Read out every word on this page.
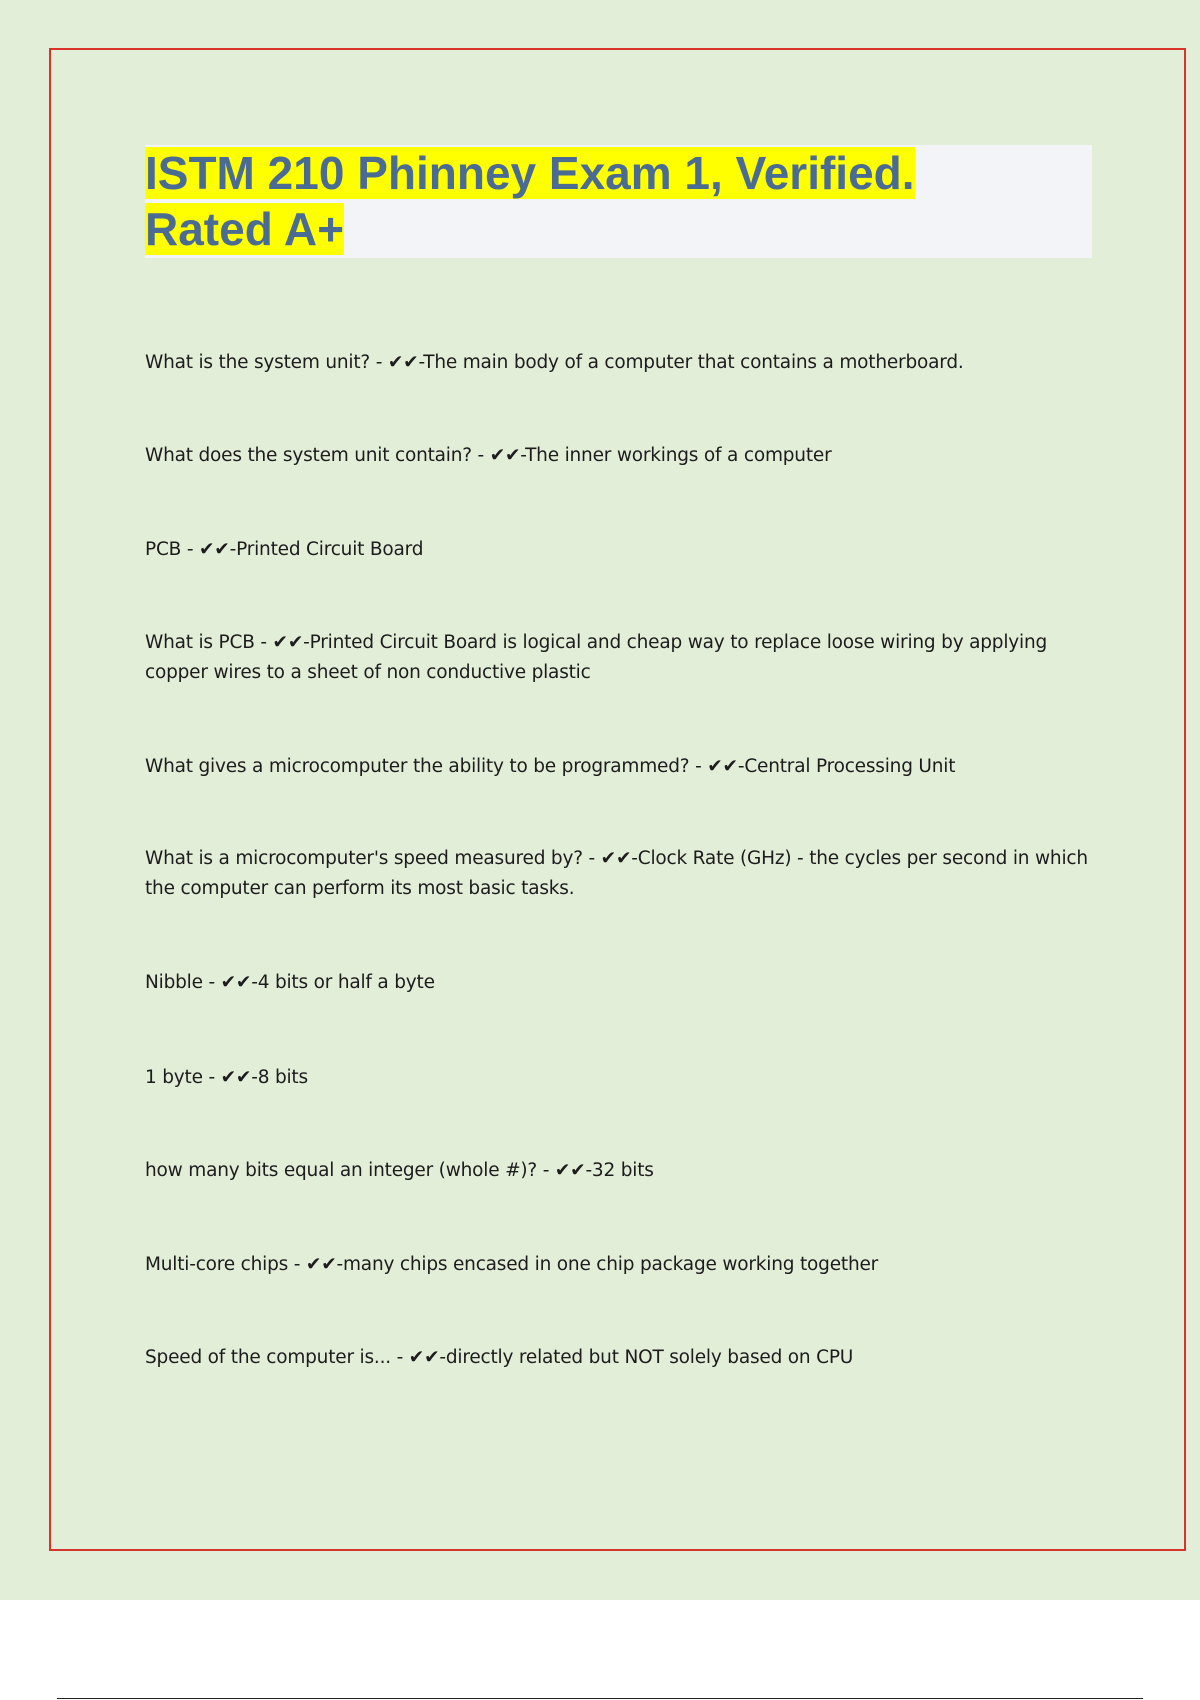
ISTM 210 Phinney Exam 1, Verified.
Rated A+
What is the system unit? - ✔✔-The main body of a computer that contains a motherboard.
What does the system unit contain? - ✔✔-The inner workings of a computer
PCB - ✔✔-Printed Circuit Board
What is PCB - ✔✔-Printed Circuit Board is logical and cheap way to replace loose wiring by applying copper wires to a sheet of non conductive plastic
What gives a microcomputer the ability to be programmed? - ✔✔-Central Processing Unit
What is a microcomputer's speed measured by? - ✔✔-Clock Rate (GHz) - the cycles per second in which the computer can perform its most basic tasks.
Nibble - ✔✔-4 bits or half a byte
1 byte - ✔✔-8 bits
how many bits equal an integer (whole #)? - ✔✔-32 bits
Multi-core chips - ✔✔-many chips encased in one chip package working together
Speed of the computer is... - ✔✔-directly related but NOT solely based on CPU
